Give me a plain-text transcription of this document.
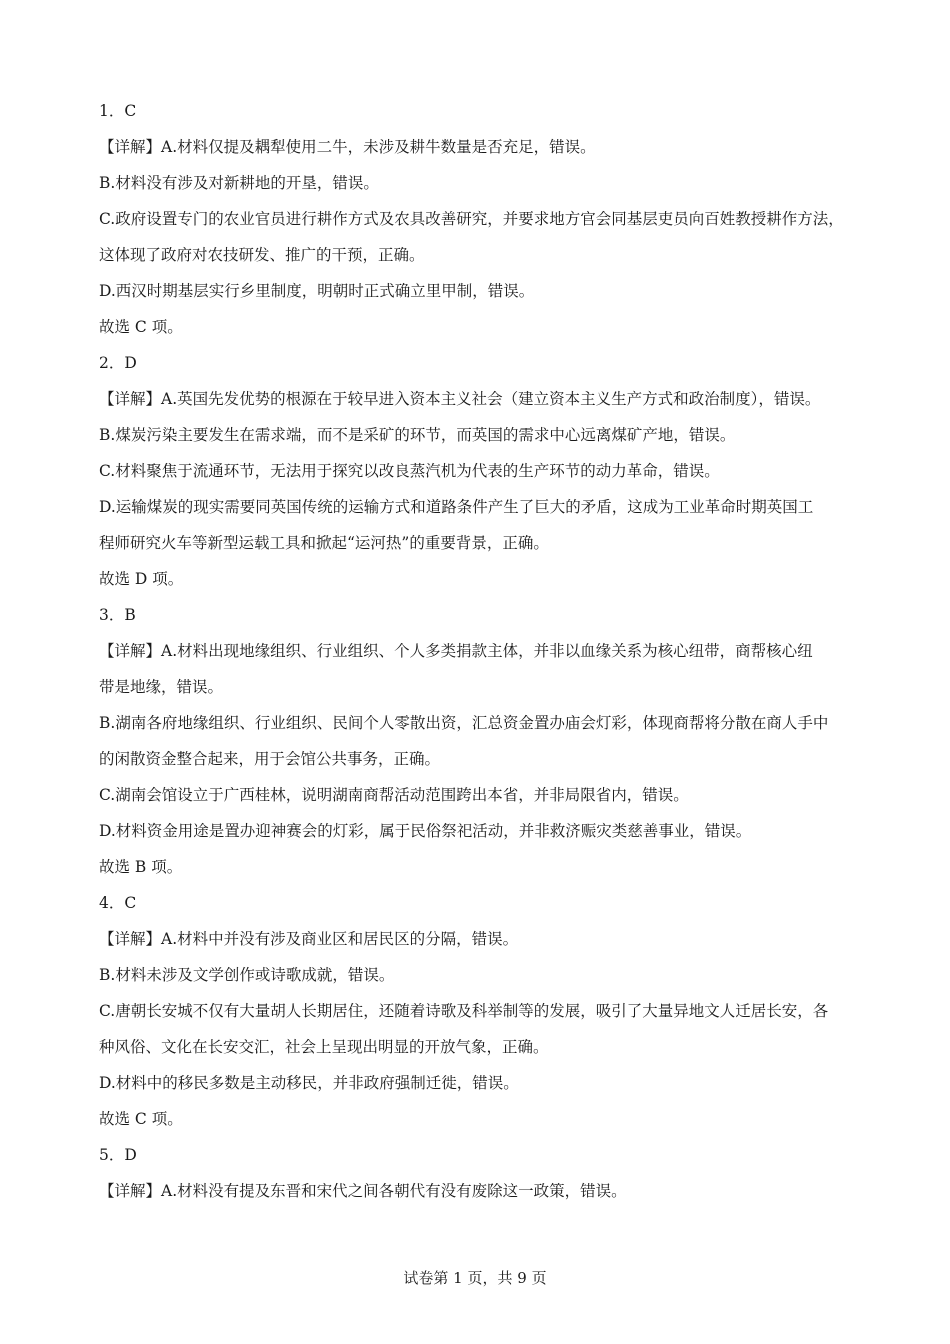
1．C
【详解】A.材料仅提及耦犁使用二牛，未涉及耕牛数量是否充足，错误。
B.材料没有涉及对新耕地的开垦，错误。
C.政府设置专门的农业官员进行耕作方式及农具改善研究，并要求地方官会同基层吏员向百姓教授耕作方法，
这体现了政府对农技研发、推广的干预，正确。
D.西汉时期基层实行乡里制度，明朝时正式确立里甲制，错误。
故选 C 项。
2．D
【详解】A.英国先发优势的根源在于较早进入资本主义社会（建立资本主义生产方式和政治制度），错误。
B.煤炭污染主要发生在需求端，而不是采矿的环节，而英国的需求中心远离煤矿产地，错误。
C.材料聚焦于流通环节，无法用于探究以改良蒸汽机为代表的生产环节的动力革命，错误。
D.运输煤炭的现实需要同英国传统的运输方式和道路条件产生了巨大的矛盾，这成为工业革命时期英国工
程师研究火车等新型运载工具和掀起“运河热”的重要背景，正确。
故选 D 项。
3．B
【详解】A.材料出现地缘组织、行业组织、个人多类捐款主体，并非以血缘关系为核心纽带，商帮核心纽
带是地缘，错误。
B.湖南各府地缘组织、行业组织、民间个人零散出资，汇总资金置办庙会灯彩，体现商帮将分散在商人手中
的闲散资金整合起来，用于会馆公共事务，正确。
C.湖南会馆设立于广西桂林，说明湖南商帮活动范围跨出本省，并非局限省内，错误。
D.材料资金用途是置办迎神赛会的灯彩，属于民俗祭祀活动，并非救济赈灾类慈善事业，错误。
故选 B 项。
4．C
【详解】A.材料中并没有涉及商业区和居民区的分隔，错误。
B.材料未涉及文学创作或诗歌成就，错误。
C.唐朝长安城不仅有大量胡人长期居住，还随着诗歌及科举制等的发展，吸引了大量异地文人迁居长安，各
种风俗、文化在长安交汇，社会上呈现出明显的开放气象，正确。
D.材料中的移民多数是主动移民，并非政府强制迁徙，错误。
故选 C 项。
5．D
【详解】A.材料没有提及东晋和宋代之间各朝代有没有废除这一政策，错误。
试卷第 1 页，共 9 页
